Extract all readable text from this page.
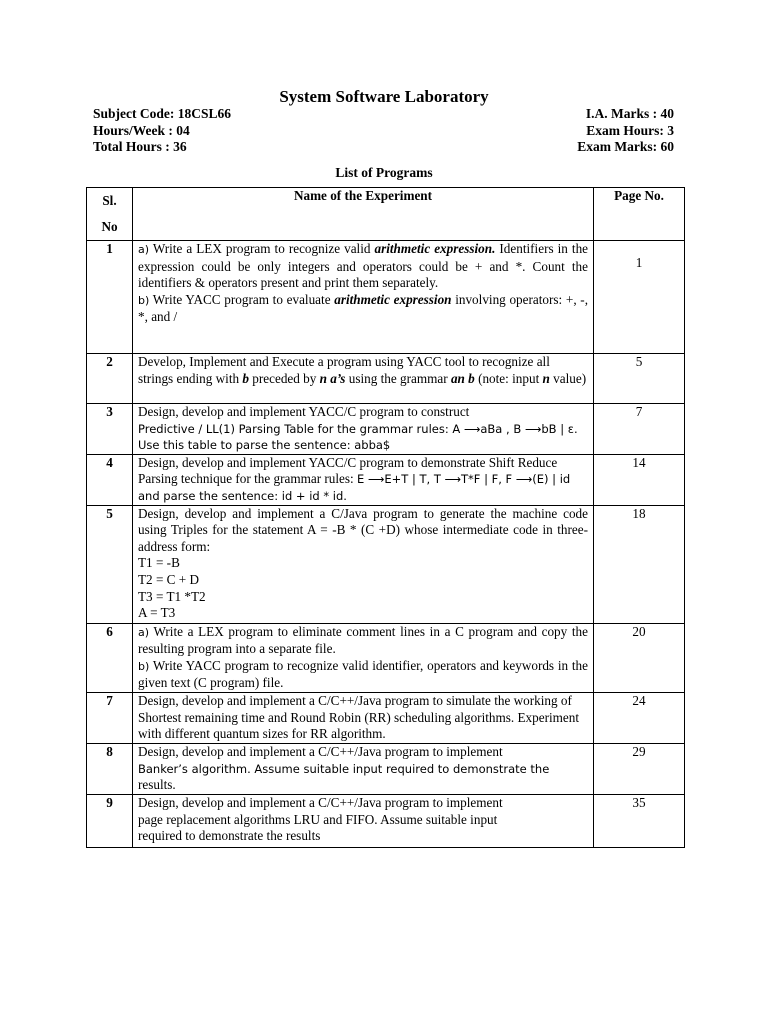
System Software Laboratory
Subject Code: 18CSL66
Hours/Week : 04
Total Hours : 36
I.A. Marks : 40
Exam Hours: 3
Exam Marks: 60
List of Programs
Sl.
No	Name of the Experiment	Page No.
1	a) Write a LEX program to recognize valid arithmetic expression. Identifiers in the expression could be only integers and operators could be + and *. Count the identifiers & operators present and print them separately.
b) Write YACC program to evaluate arithmetic expression involving operators: +, -, *, and /	1
2	Develop, Implement and Execute a program using YACC tool to recognize all strings ending with b preceded by n a’s using the grammar an b (note: input n value)	5
3	Design, develop and implement YACC/C program to construct
Predictive / LL(1) Parsing Table for the grammar rules: A ⟶aBa , B ⟶bB | ε. Use this table to parse the sentence: abba$	7
4	Design, develop and implement YACC/C program to demonstrate Shift Reduce Parsing technique for the grammar rules: E ⟶E+T | T, T ⟶T*F | F, F ⟶(E) | id and parse the sentence: id + id * id.	14
5	Design, develop and implement a C/Java program to generate the machine code using Triples for the statement A = -B * (C +D) whose intermediate code in three-address form:
T1 = -B
T2 = C + D
T3 = T1 *T2
A = T3	18
6	a) Write a LEX program to eliminate comment lines in a C program and copy the resulting program into a separate file.
b) Write YACC program to recognize valid identifier, operators and keywords in the given text (C program) file.	20
7	Design, develop and implement a C/C++/Java program to simulate the working of Shortest remaining time and Round Robin (RR) scheduling algorithms. Experiment with different quantum sizes for RR algorithm.	24
8	Design, develop and implement a C/C++/Java program to implement
Banker’s algorithm. Assume suitable input required to demonstrate the
results.	29
9	Design, develop and implement a C/C++/Java program to implement
page replacement algorithms LRU and FIFO. Assume suitable input
required to demonstrate the results	35
